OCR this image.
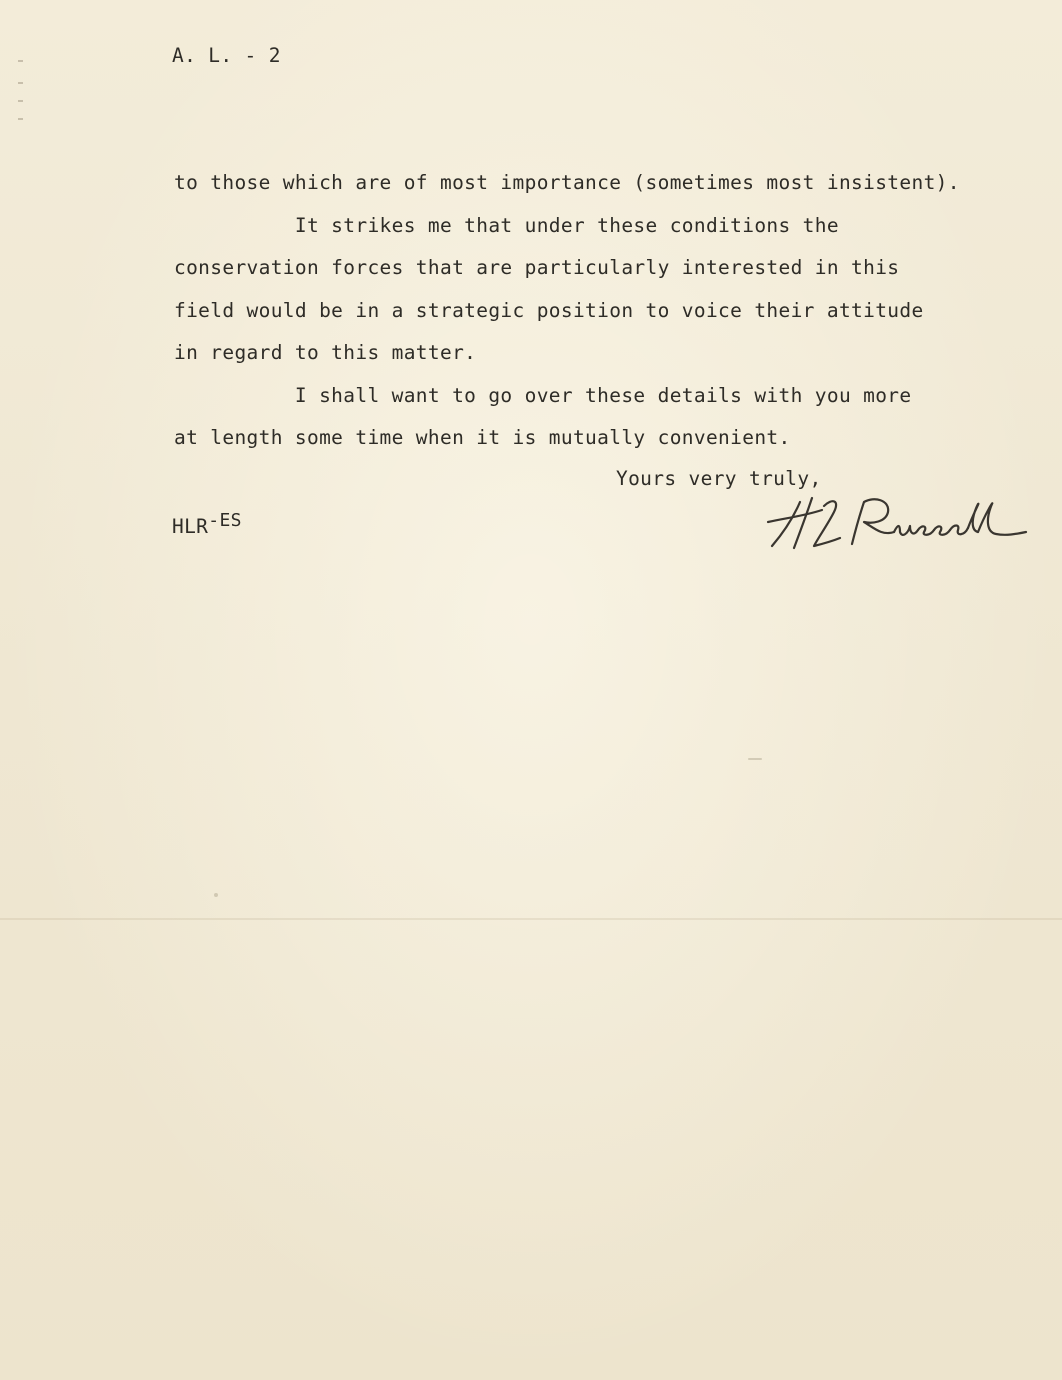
A. L. - 2

to those which are of most importance (sometimes most insistent).

It strikes me that under these conditions the

conservation forces that are particularly interested in this

field would be in a strategic position to voice their attitude

in regard to this matter.

I shall want to go over these details with you more

at length some time when it is mutually convenient.

Yours very truly,

HLR-ES
